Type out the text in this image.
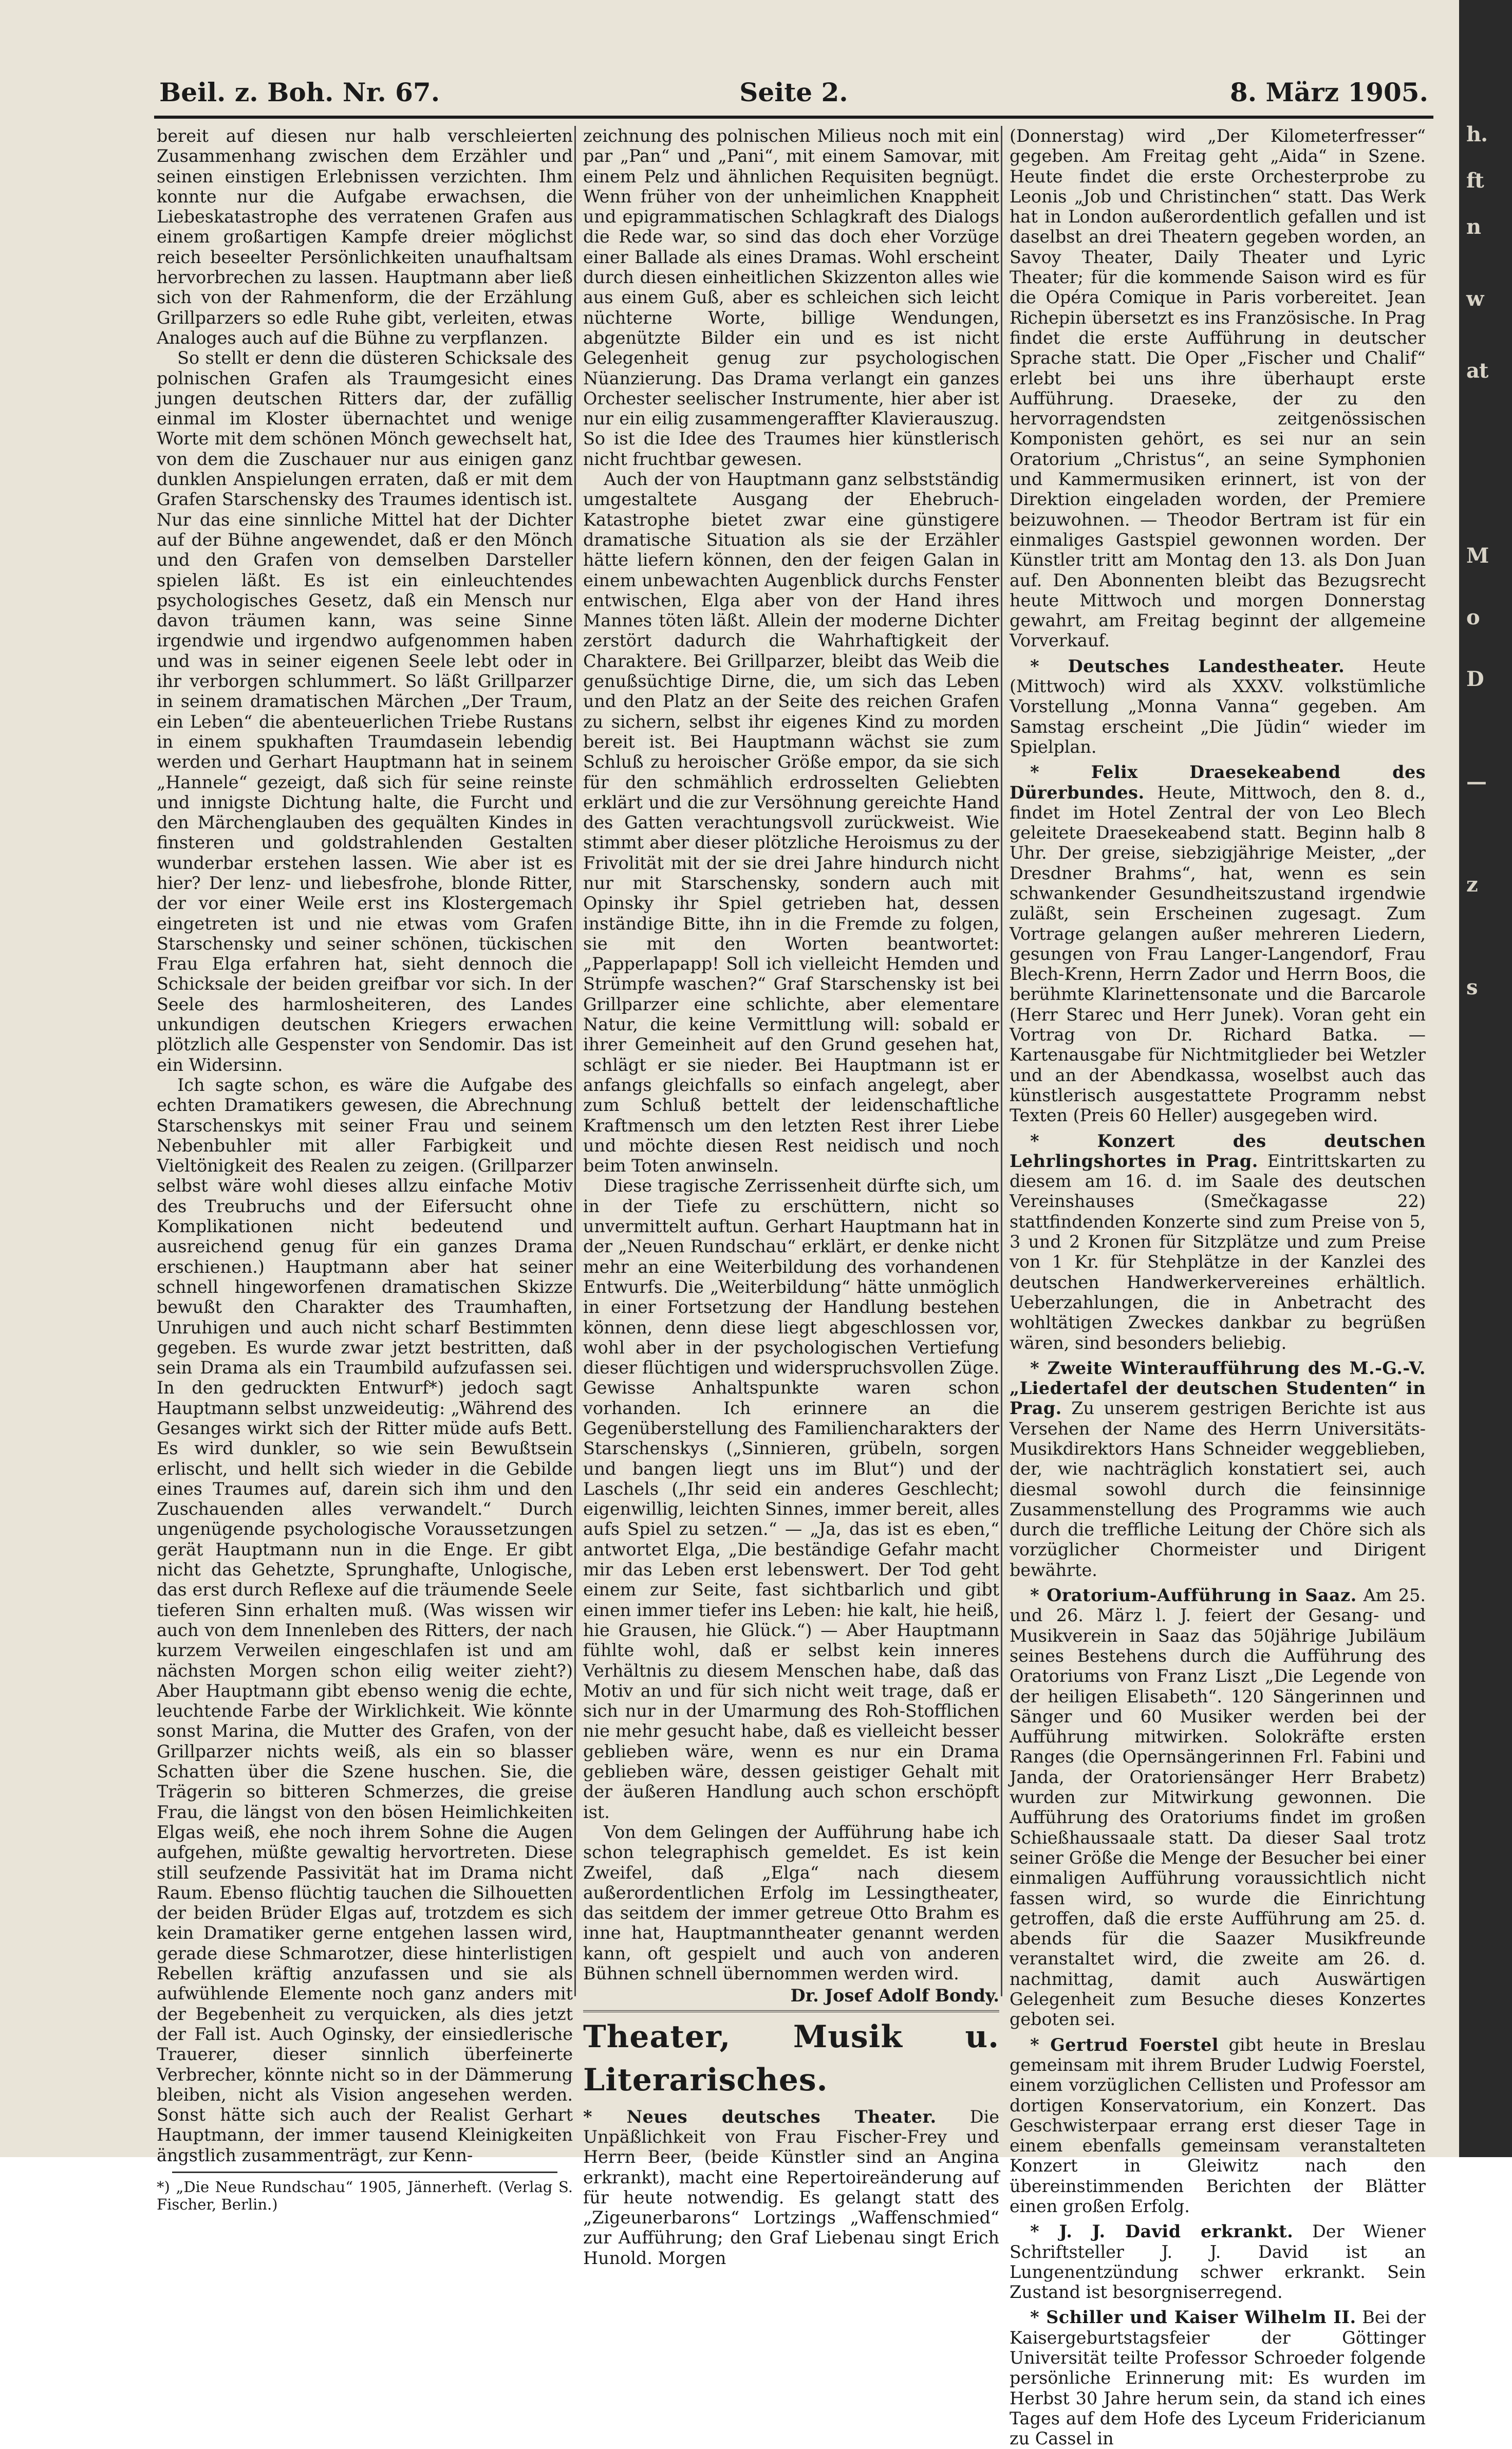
Beil. z. Boh. Nr. 67.	Seite 2.	8. März 1905.

bereit auf diesen nur halb verschleierten Zusammenhang zwischen dem Erzähler und seinen einstigen Erlebnissen verzichten. Ihm konnte nur die Aufgabe erwachsen, die Liebeskatastrophe des verratenen Grafen aus einem großartigen Kampfe dreier möglichst reich beseelter Persönlichkeiten unaufhaltsam hervorbrechen zu lassen. Hauptmann aber ließ sich von der Rahmenform, die der Erzählung Grillparzers so edle Ruhe gibt, verleiten, etwas Analoges auch auf die Bühne zu verpflanzen.

So stellt er denn die düsteren Schicksale des polnischen Grafen als Traumgesicht eines jungen deutschen Ritters dar, der zufällig einmal im Kloster übernachtet und wenige Worte mit dem schönen Mönch gewechselt hat, von dem die Zuschauer nur aus einigen ganz dunklen Anspielungen erraten, daß er mit dem Grafen Starschensky des Traumes identisch ist. Nur das eine sinnliche Mittel hat der Dichter auf der Bühne angewendet, daß er den Mönch und den Grafen von demselben Darsteller spielen läßt. Es ist ein einleuchtendes psychologisches Gesetz, daß ein Mensch nur davon träumen kann, was seine Sinne irgendwie und irgendwo aufgenommen haben und was in seiner eigenen Seele lebt oder in ihr verborgen schlummert. So läßt Grillparzer in seinem dramatischen Märchen „Der Traum, ein Leben“ die abenteuerlichen Triebe Rustans in einem spukhaften Traumdasein lebendig werden und Gerhart Hauptmann hat in seinem „Hannele“ gezeigt, daß sich für seine reinste und innigste Dichtung halte, die Furcht und den Märchenglauben des gequälten Kindes in finsteren und goldstrahlenden Gestalten wunderbar erstehen lassen. Wie aber ist es hier? Der lenz- und liebesfrohe, blonde Ritter, der vor einer Weile erst ins Klostergemach eingetreten ist und nie etwas vom Grafen Starschensky und seiner schönen, tückischen Frau Elga erfahren hat, sieht dennoch die Schicksale der beiden greifbar vor sich. In der Seele des harmlosheiteren, des Landes unkundigen deutschen Kriegers erwachen plötzlich alle Gespenster von Sendomir. Das ist ein Widersinn.

Ich sagte schon, es wäre die Aufgabe des echten Dramatikers gewesen, die Abrechnung Starschenskys mit seiner Frau und seinem Nebenbuhler mit aller Farbigkeit und Vieltönigkeit des Realen zu zeigen. (Grillparzer selbst wäre wohl dieses allzu einfache Motiv des Treubruchs und der Eifersucht ohne Komplikationen nicht bedeutend und ausreichend genug für ein ganzes Drama erschienen.) Hauptmann aber hat seiner schnell hingeworfenen dramatischen Skizze bewußt den Charakter des Traumhaften, Unruhigen und auch nicht scharf Bestimmten gegeben. Es wurde zwar jetzt bestritten, daß sein Drama als ein Traumbild aufzufassen sei. In den gedruckten Entwurf*) jedoch sagt Hauptmann selbst unzweideutig: „Während des Gesanges wirkt sich der Ritter müde aufs Bett. Es wird dunkler, so wie sein Bewußtsein erlischt, und hellt sich wieder in die Gebilde eines Traumes auf, darein sich ihm und den Zuschauenden alles verwandelt.“ Durch ungenügende psychologische Voraussetzungen gerät Hauptmann nun in die Enge. Er gibt nicht das Gehetzte, Sprunghafte, Unlogische, das erst durch Reflexe auf die träumende Seele tieferen Sinn erhalten muß. (Was wissen wir auch von dem Innenleben des Ritters, der nach kurzem Verweilen eingeschlafen ist und am nächsten Morgen schon eilig weiter zieht?) Aber Hauptmann gibt ebenso wenig die echte, leuchtende Farbe der Wirklichkeit. Wie könnte sonst Marina, die Mutter des Grafen, von der Grillparzer nichts weiß, als ein so blasser Schatten über die Szene huschen. Sie, die Trägerin so bitteren Schmerzes, die greise Frau, die längst von den bösen Heimlichkeiten Elgas weiß, ehe noch ihrem Sohne die Augen aufgehen, müßte gewaltig hervortreten. Diese still seufzende Passivität hat im Drama nicht Raum. Ebenso flüchtig tauchen die Silhouetten der beiden Brüder Elgas auf, trotzdem es sich kein Dramatiker gerne entgehen lassen wird, gerade diese Schmarotzer, diese hinterlistigen Rebellen kräftig anzufassen und sie als aufwühlende Elemente noch ganz anders mit der Begebenheit zu verquicken, als dies jetzt der Fall ist. Auch Oginsky, der einsiedlerische Trauerer, dieser sinnlich überfeinerte Verbrecher, könnte nicht so in der Dämmerung bleiben, nicht als Vision angesehen werden. Sonst hätte sich auch der Realist Gerhart Hauptmann, der immer tausend Kleinigkeiten ängstlich zusammenträgt, zur Kenn-

*) „Die Neue Rundschau“ 1905, Jännerheft. (Verlag S. Fischer, Berlin.)

zeichnung des polnischen Milieus noch mit ein par „Pan“ und „Pani“, mit einem Samovar, mit einem Pelz und ähnlichen Requisiten begnügt. Wenn früher von der unheimlichen Knappheit und epigrammatischen Schlagkraft des Dialogs die Rede war, so sind das doch eher Vorzüge einer Ballade als eines Dramas. Wohl erscheint durch diesen einheitlichen Skizzenton alles wie aus einem Guß, aber es schleichen sich leicht nüchterne Worte, billige Wendungen, abgenützte Bilder ein und es ist nicht Gelegenheit genug zur psychologischen Nüanzierung. Das Drama verlangt ein ganzes Orchester seelischer Instrumente, hier aber ist nur ein eilig zusammengeraffter Klavierauszug. So ist die Idee des Traumes hier künstlerisch nicht fruchtbar gewesen.

Auch der von Hauptmann ganz selbstständig umgestaltete Ausgang der Ehebruch-Katastrophe bietet zwar eine günstigere dramatische Situation als sie der Erzähler hätte liefern können, den der feigen Galan in einem unbewachten Augenblick durchs Fenster entwischen, Elga aber von der Hand ihres Mannes töten läßt. Allein der moderne Dichter zerstört dadurch die Wahrhaftigkeit der Charaktere. Bei Grillparzer, bleibt das Weib die genußsüchtige Dirne, die, um sich das Leben und den Platz an der Seite des reichen Grafen zu sichern, selbst ihr eigenes Kind zu morden bereit ist. Bei Hauptmann wächst sie zum Schluß zu heroischer Größe empor, da sie sich für den schmählich erdrosselten Geliebten erklärt und die zur Versöhnung gereichte Hand des Gatten verachtungsvoll zurückweist. Wie stimmt aber dieser plötzliche Heroismus zu der Frivolität mit der sie drei Jahre hindurch nicht nur mit Starschensky, sondern auch mit Opinsky ihr Spiel getrieben hat, dessen inständige Bitte, ihn in die Fremde zu folgen, sie mit den Worten beantwortet: „Papperlapapp! Soll ich vielleicht Hemden und Strümpfe waschen?“ Graf Starschensky ist bei Grillparzer eine schlichte, aber elementare Natur, die keine Vermittlung will: sobald er ihrer Gemeinheit auf den Grund gesehen hat, schlägt er sie nieder. Bei Hauptmann ist er anfangs gleichfalls so einfach angelegt, aber zum Schluß bettelt der leidenschaftliche Kraftmensch um den letzten Rest ihrer Liebe und möchte diesen Rest neidisch und noch beim Toten anwinseln.

Diese tragische Zerrissenheit dürfte sich, um in der Tiefe zu erschüttern, nicht so unvermittelt auftun. Gerhart Hauptmann hat in der „Neuen Rundschau“ erklärt, er denke nicht mehr an eine Weiterbildung des vorhandenen Entwurfs. Die „Weiterbildung“ hätte unmöglich in einer Fortsetzung der Handlung bestehen können, denn diese liegt abgeschlossen vor, wohl aber in der psychologischen Vertiefung dieser flüchtigen und widerspruchsvollen Züge. Gewisse Anhaltspunkte waren schon vorhanden. Ich erinnere an die Gegenüberstellung des Familiencharakters der Starschenskys („Sinnieren, grübeln, sorgen und bangen liegt uns im Blut“) und der Laschels („Ihr seid ein anderes Geschlecht; eigenwillig, leichten Sinnes, immer bereit, alles aufs Spiel zu setzen.“ — „Ja, das ist es eben,“ antwortet Elga, „Die beständige Gefahr macht mir das Leben erst lebenswert. Der Tod geht einem zur Seite, fast sichtbarlich und gibt einen immer tiefer ins Leben: hie kalt, hie heiß, hie Grausen, hie Glück.“) — Aber Hauptmann fühlte wohl, daß er selbst kein inneres Verhältnis zu diesem Menschen habe, daß das Motiv an und für sich nicht weit trage, daß er sich nur in der Umarmung des Roh-Stofflichen nie mehr gesucht habe, daß es vielleicht besser geblieben wäre, wenn es nur ein Drama geblieben wäre, dessen geistiger Gehalt mit der äußeren Handlung auch schon erschöpft ist.

Von dem Gelingen der Aufführung habe ich schon telegraphisch gemeldet. Es ist kein Zweifel, daß „Elga“ nach diesem außerordentlichen Erfolg im Lessingtheater, das seitdem der immer getreue Otto Brahm es inne hat, Hauptmanntheater genannt werden kann, oft gespielt und auch von anderen Bühnen schnell übernommen werden wird.

Dr. Josef Adolf Bondy.
Theater, Musik u. Literarisches.

* Neues deutsches Theater. Die Unpäßlichkeit von Frau Fischer-Frey und Herrn Beer, (beide Künstler sind an Angina erkrankt), macht eine Repertoireänderung auf für heute notwendig. Es gelangt statt des „Zigeunerbarons“ Lortzings „Waffenschmied“ zur Aufführung; den Graf Liebenau singt Erich Hunold. Morgen

(Donnerstag) wird „Der Kilometerfresser“ gegeben. Am Freitag geht „Aida“ in Szene. Heute findet die erste Orchesterprobe zu Leonis „Job und Christinchen“ statt. Das Werk hat in London außerordentlich gefallen und ist daselbst an drei Theatern gegeben worden, an Savoy Theater, Daily Theater und Lyric Theater; für die kommende Saison wird es für die Opéra Comique in Paris vorbereitet. Jean Richepin übersetzt es ins Französische. In Prag findet die erste Aufführung in deutscher Sprache statt. Die Oper „Fischer und Chalif“ erlebt bei uns ihre überhaupt erste Aufführung. Draeseke, der zu den hervorragendsten zeitgenössischen Komponisten gehört, es sei nur an sein Oratorium „Christus“, an seine Symphonien und Kammermusiken erinnert, ist von der Direktion eingeladen worden, der Premiere beizuwohnen. — Theodor Bertram ist für ein einmaliges Gastspiel gewonnen worden. Der Künstler tritt am Montag den 13. als Don Juan auf. Den Abonnenten bleibt das Bezugsrecht heute Mittwoch und morgen Donnerstag gewahrt, am Freitag beginnt der allgemeine Vorverkauf.

* Deutsches Landestheater. Heute (Mittwoch) wird als XXXV. volkstümliche Vorstellung „Monna Vanna“ gegeben. Am Samstag erscheint „Die Jüdin“ wieder im Spielplan.

* Felix Draesekeabend des Dürerbundes. Heute, Mittwoch, den 8. d., findet im Hotel Zentral der von Leo Blech geleitete Draesekeabend statt. Beginn halb 8 Uhr. Der greise, siebzigjährige Meister, „der Dresdner Brahms“, hat, wenn es sein schwankender Gesundheitszustand irgendwie zuläßt, sein Erscheinen zugesagt. Zum Vortrage gelangen außer mehreren Liedern, gesungen von Frau Langer-Langendorf, Frau Blech-Krenn, Herrn Zador und Herrn Boos, die berühmte Klarinettensonate und die Barcarole (Herr Starec und Herr Junek). Voran geht ein Vortrag von Dr. Richard Batka. — Kartenausgabe für Nichtmitglieder bei Wetzler und an der Abendkassa, woselbst auch das künstlerisch ausgestattete Programm nebst Texten (Preis 60 Heller) ausgegeben wird.

* Konzert des deutschen Lehrlingshortes in Prag. Eintrittskarten zu diesem am 16. d. im Saale des deutschen Vereinshauses (Smečkagasse 22) stattfindenden Konzerte sind zum Preise von 5, 3 und 2 Kronen für Sitzplätze und zum Preise von 1 Kr. für Stehplätze in der Kanzlei des deutschen Handwerkervereines erhältlich. Ueberzahlungen, die in Anbetracht des wohltätigen Zweckes dankbar zu begrüßen wären, sind besonders beliebig.

* Zweite Winteraufführung des M.-G.-V. „Liedertafel der deutschen Studenten“ in Prag. Zu unserem gestrigen Berichte ist aus Versehen der Name des Herrn Universitäts-Musikdirektors Hans Schneider weggeblieben, der, wie nachträglich konstatiert sei, auch diesmal sowohl durch die feinsinnige Zusammenstellung des Programms wie auch durch die treffliche Leitung der Chöre sich als vorzüglicher Chormeister und Dirigent bewährte.

* Oratorium-Aufführung in Saaz. Am 25. und 26. März l. J. feiert der Gesang- und Musikverein in Saaz das 50jährige Jubiläum seines Bestehens durch die Aufführung des Oratoriums von Franz Liszt „Die Legende von der heiligen Elisabeth“. 120 Sängerinnen und Sänger und 60 Musiker werden bei der Aufführung mitwirken. Solokräfte ersten Ranges (die Opernsängerinnen Frl. Fabini und Janda, der Oratoriensänger Herr Brabetz) wurden zur Mitwirkung gewonnen. Die Aufführung des Oratoriums findet im großen Schießhaussaale statt. Da dieser Saal trotz seiner Größe die Menge der Besucher bei einer einmaligen Aufführung voraussichtlich nicht fassen wird, so wurde die Einrichtung getroffen, daß die erste Aufführung am 25. d. abends für die Saazer Musikfreunde veranstaltet wird, die zweite am 26. d. nachmittag, damit auch Auswärtigen Gelegenheit zum Besuche dieses Konzertes geboten sei.

* Gertrud Foerstel gibt heute in Breslau gemeinsam mit ihrem Bruder Ludwig Foerstel, einem vorzüglichen Cellisten und Professor am dortigen Konservatorium, ein Konzert. Das Geschwisterpaar errang erst dieser Tage in einem ebenfalls gemeinsam veranstalteten Konzert in Gleiwitz nach den übereinstimmenden Berichten der Blätter einen großen Erfolg.

* J. J. David erkrankt. Der Wiener Schriftsteller J. J. David ist an Lungenentzündung schwer erkrankt. Sein Zustand ist besorgniserregend.

* Schiller und Kaiser Wilhelm II. Bei der Kaisergeburtstagsfeier der Göttinger Universität teilte Professor Schroeder folgende persönliche Erinnerung mit: Es wurden im Herbst 30 Jahre herum sein, da stand ich eines Tages auf dem Hofe des Lyceum Fridericianum zu Cassel in

h.
ft
n
w
at
M
o
D
—
z
s
